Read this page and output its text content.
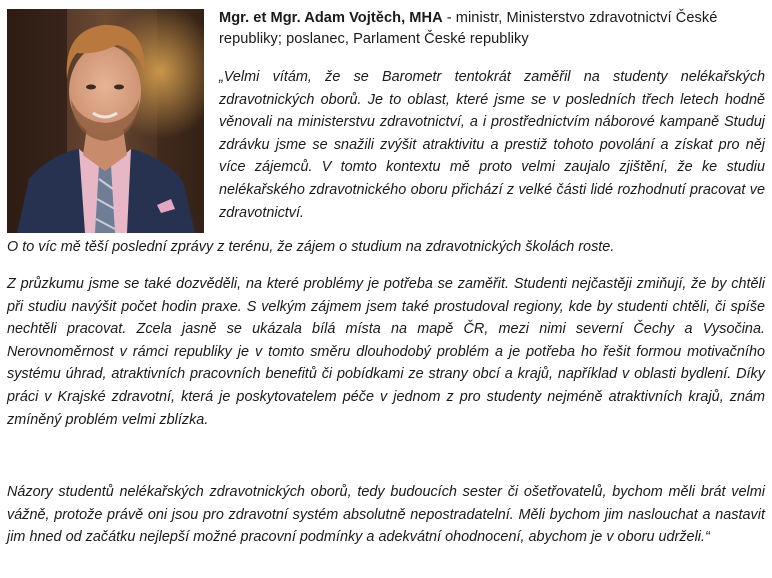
Mgr. et Mgr. Adam Vojtěch, MHA - ministr, Ministerstvo zdravotnictví České republiky; poslanec, Parlament České republiky

„Velmi vítám, že se Barometr tentokrát zaměřil na studenty nelékařských zdravotnických oborů. Je to oblast, které jsme se v posledních třech letech hodně věnovali na ministerstvu zdravotnictví, a i prostřednictvím náborové kampaně Studuj zdrávku jsme se snažili zvýšit atraktivitu a prestiž tohoto povolání a získat pro něj více zájemců. V tomto kontextu mě proto velmi zaujalo zjištění, že ke studiu nelékařského zdravotnického oboru přichází z velké části lidé rozhodnutí pracovat ve zdravotnictví.

O to víc mě těší poslední zprávy z terénu, že zájem o studium na zdravotnických školách roste.

Z průzkumu jsme se také dozvěděli, na které problémy je potřeba se zaměřit. Studenti nejčastěji zmiňují, že by chtěli při studiu navýšit počet hodin praxe. S velkým zájmem jsem také prostudoval regiony, kde by studenti chtěli, či spíše nechtěli pracovat. Zcela jasně se ukázala bílá místa na mapě ČR, mezi nimi severní Čechy a Vysočina. Nerovnoměrnost v rámci republiky je v tomto směru dlouhodobý problém a je potřeba ho řešit formou motivačního systému úhrad, atraktivních pracovních benefitů či pobídkami ze strany obcí a krajů, například v oblasti bydlení. Díky práci v Krajské zdravotní, která je poskytovatelem péče v jednom z pro studenty nejméně atraktivních krajů, znám zmíněný problém velmi zblízka.

Názory studentů nelékařských zdravotnických oborů, tedy budoucích sester či ošetřovatelů, bychom měli brát velmi vážně, protože právě oni jsou pro zdravotní systém absolutně nepostradatelní. Měli bychom jim naslouchat a nastavit jim hned od začátku nejlepší možné pracovní podmínky a adekvátní ohodnocení, abychom je v oboru udrželi.“
